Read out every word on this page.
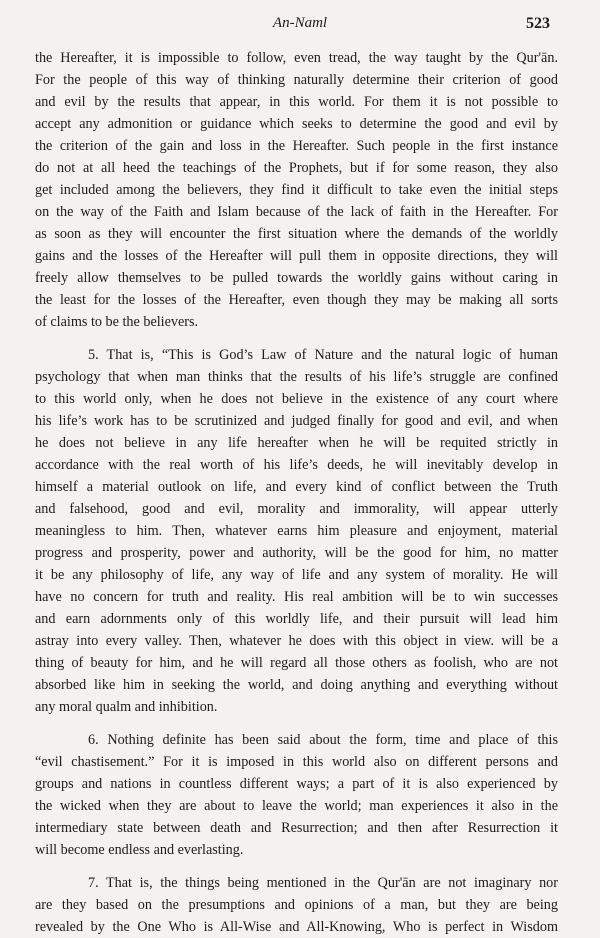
An-Naml	523

the Hereafter, it is impossible to follow, even tread, the way taught by the Qur'ān.
For the people of this way of thinking naturally determine their criterion of good
and evil by the results that appear, in this world. For them it is not possible to
accept any admonition or guidance which seeks to determine the good and evil by
the criterion of the gain and loss in the Hereafter. Such people in the first instance
do not at all heed the teachings of the Prophets, but if for some reason, they also
get included among the believers, they find it difficult to take even the initial steps
on the way of the Faith and Islam because of the lack of faith in the Hereafter. For
as soon as they will encounter the first situation where the demands of the worldly
gains and the losses of the Hereafter will pull them in opposite directions, they will
freely allow themselves to be pulled towards the worldly gains without caring in
the least for the losses of the Hereafter, even though they may be making all sorts
of claims to be the believers.

5. That is, “This is God’s Law of Nature and the natural logic of human
psychology that when man thinks that the results of his life’s struggle are confined
to this world only, when he does not believe in the existence of any court where
his life’s work has to be scrutinized and judged finally for good and evil, and when
he does not believe in any life hereafter when he will be requited strictly in
accordance with the real worth of his life’s deeds, he will inevitably develop in
himself a material outlook on life, and every kind of conflict between the Truth
and falsehood, good and evil, morality and immorality, will appear utterly
meaningless to him. Then, whatever earns him pleasure and enjoyment, material
progress and prosperity, power and authority, will be the good for him, no matter
it be any philosophy of life, any way of life and any system of morality. He will
have no concern for truth and reality. His real ambition will be to win successes
and earn adornments only of this worldly life, and their pursuit will lead him
astray into every valley. Then, whatever he does with this object in view. will be a
thing of beauty for him, and he will regard all those others as foolish, who are not
absorbed like him in seeking the world, and doing anything and everything without
any moral qualm and inhibition.

6. Nothing definite has been said about the form, time and place of this
“evil chastisement.” For it is imposed in this world also on different persons and
groups and nations in countless different ways; a part of it is also experienced by
the wicked when they are about to leave the world; man experiences it also in the
intermediary state between death and Resurrection; and then after Resurrection it
will become endless and everlasting.

7. That is, the things being mentioned in the Qur'ān are not imaginary nor
are they based on the presumptions and opinions of a man, but they are being
revealed by the One Who is All-Wise and All-Knowing, Who is perfect in Wisdom
